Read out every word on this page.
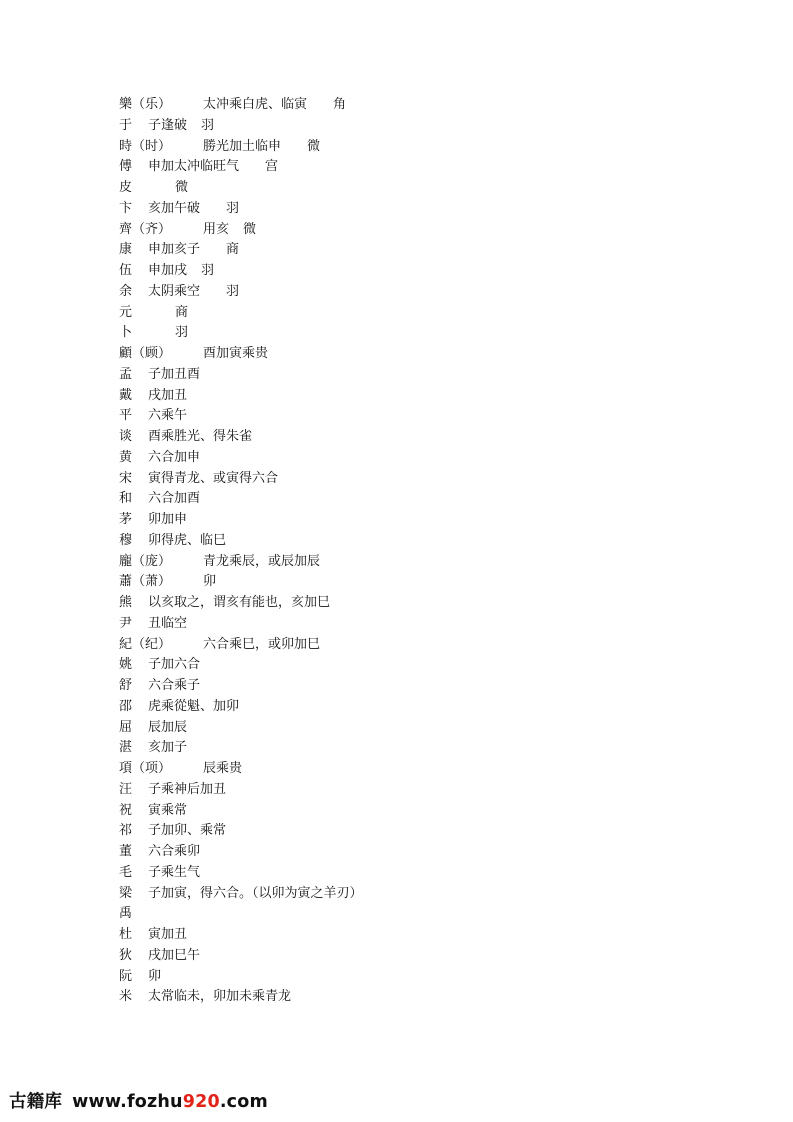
樂（乐） 太冲乘白虎、临寅 角
于 子逢破 羽
時（时） 勝光加土临申 微
傅 申加太冲临旺气 宫
皮	微
卞 亥加午破 羽
齊（齐） 用亥 微
康 申加亥子 商
伍 申加戌 羽
余 太阴乘空 羽
元	商
卜	羽
顧（顾） 酉加寅乘贵
孟 子加丑酉
戴 戌加丑
平 六乘午
谈 酉乘胜光、得朱雀
黄 六合加申
宋 寅得青龙、或寅得六合
和 六合加酉
茅 卯加申
穆 卯得虎、临巳
龐（庞） 青龙乘辰，或辰加辰
蕭（萧） 卯
熊 以亥取之，谓亥有能也，亥加巳
尹 丑临空
紀（纪） 六合乘巳，或卯加巳
姚 子加六合
舒 六合乘子
邵 虎乘從魁、加卯
屈 辰加辰
湛 亥加子
項（项） 辰乘贵
汪 子乘神后加丑
祝 寅乘常
祁 子加卯、乘常
董 六合乘卯
毛 子乘生气
梁 子加寅，得六合。（以卯为寅之羊刃）
禹
杜 寅加丑
狄 戌加巳午
阮 卯
米 太常临未，卯加未乘青龙
古籍库 www.fozhu920.com
